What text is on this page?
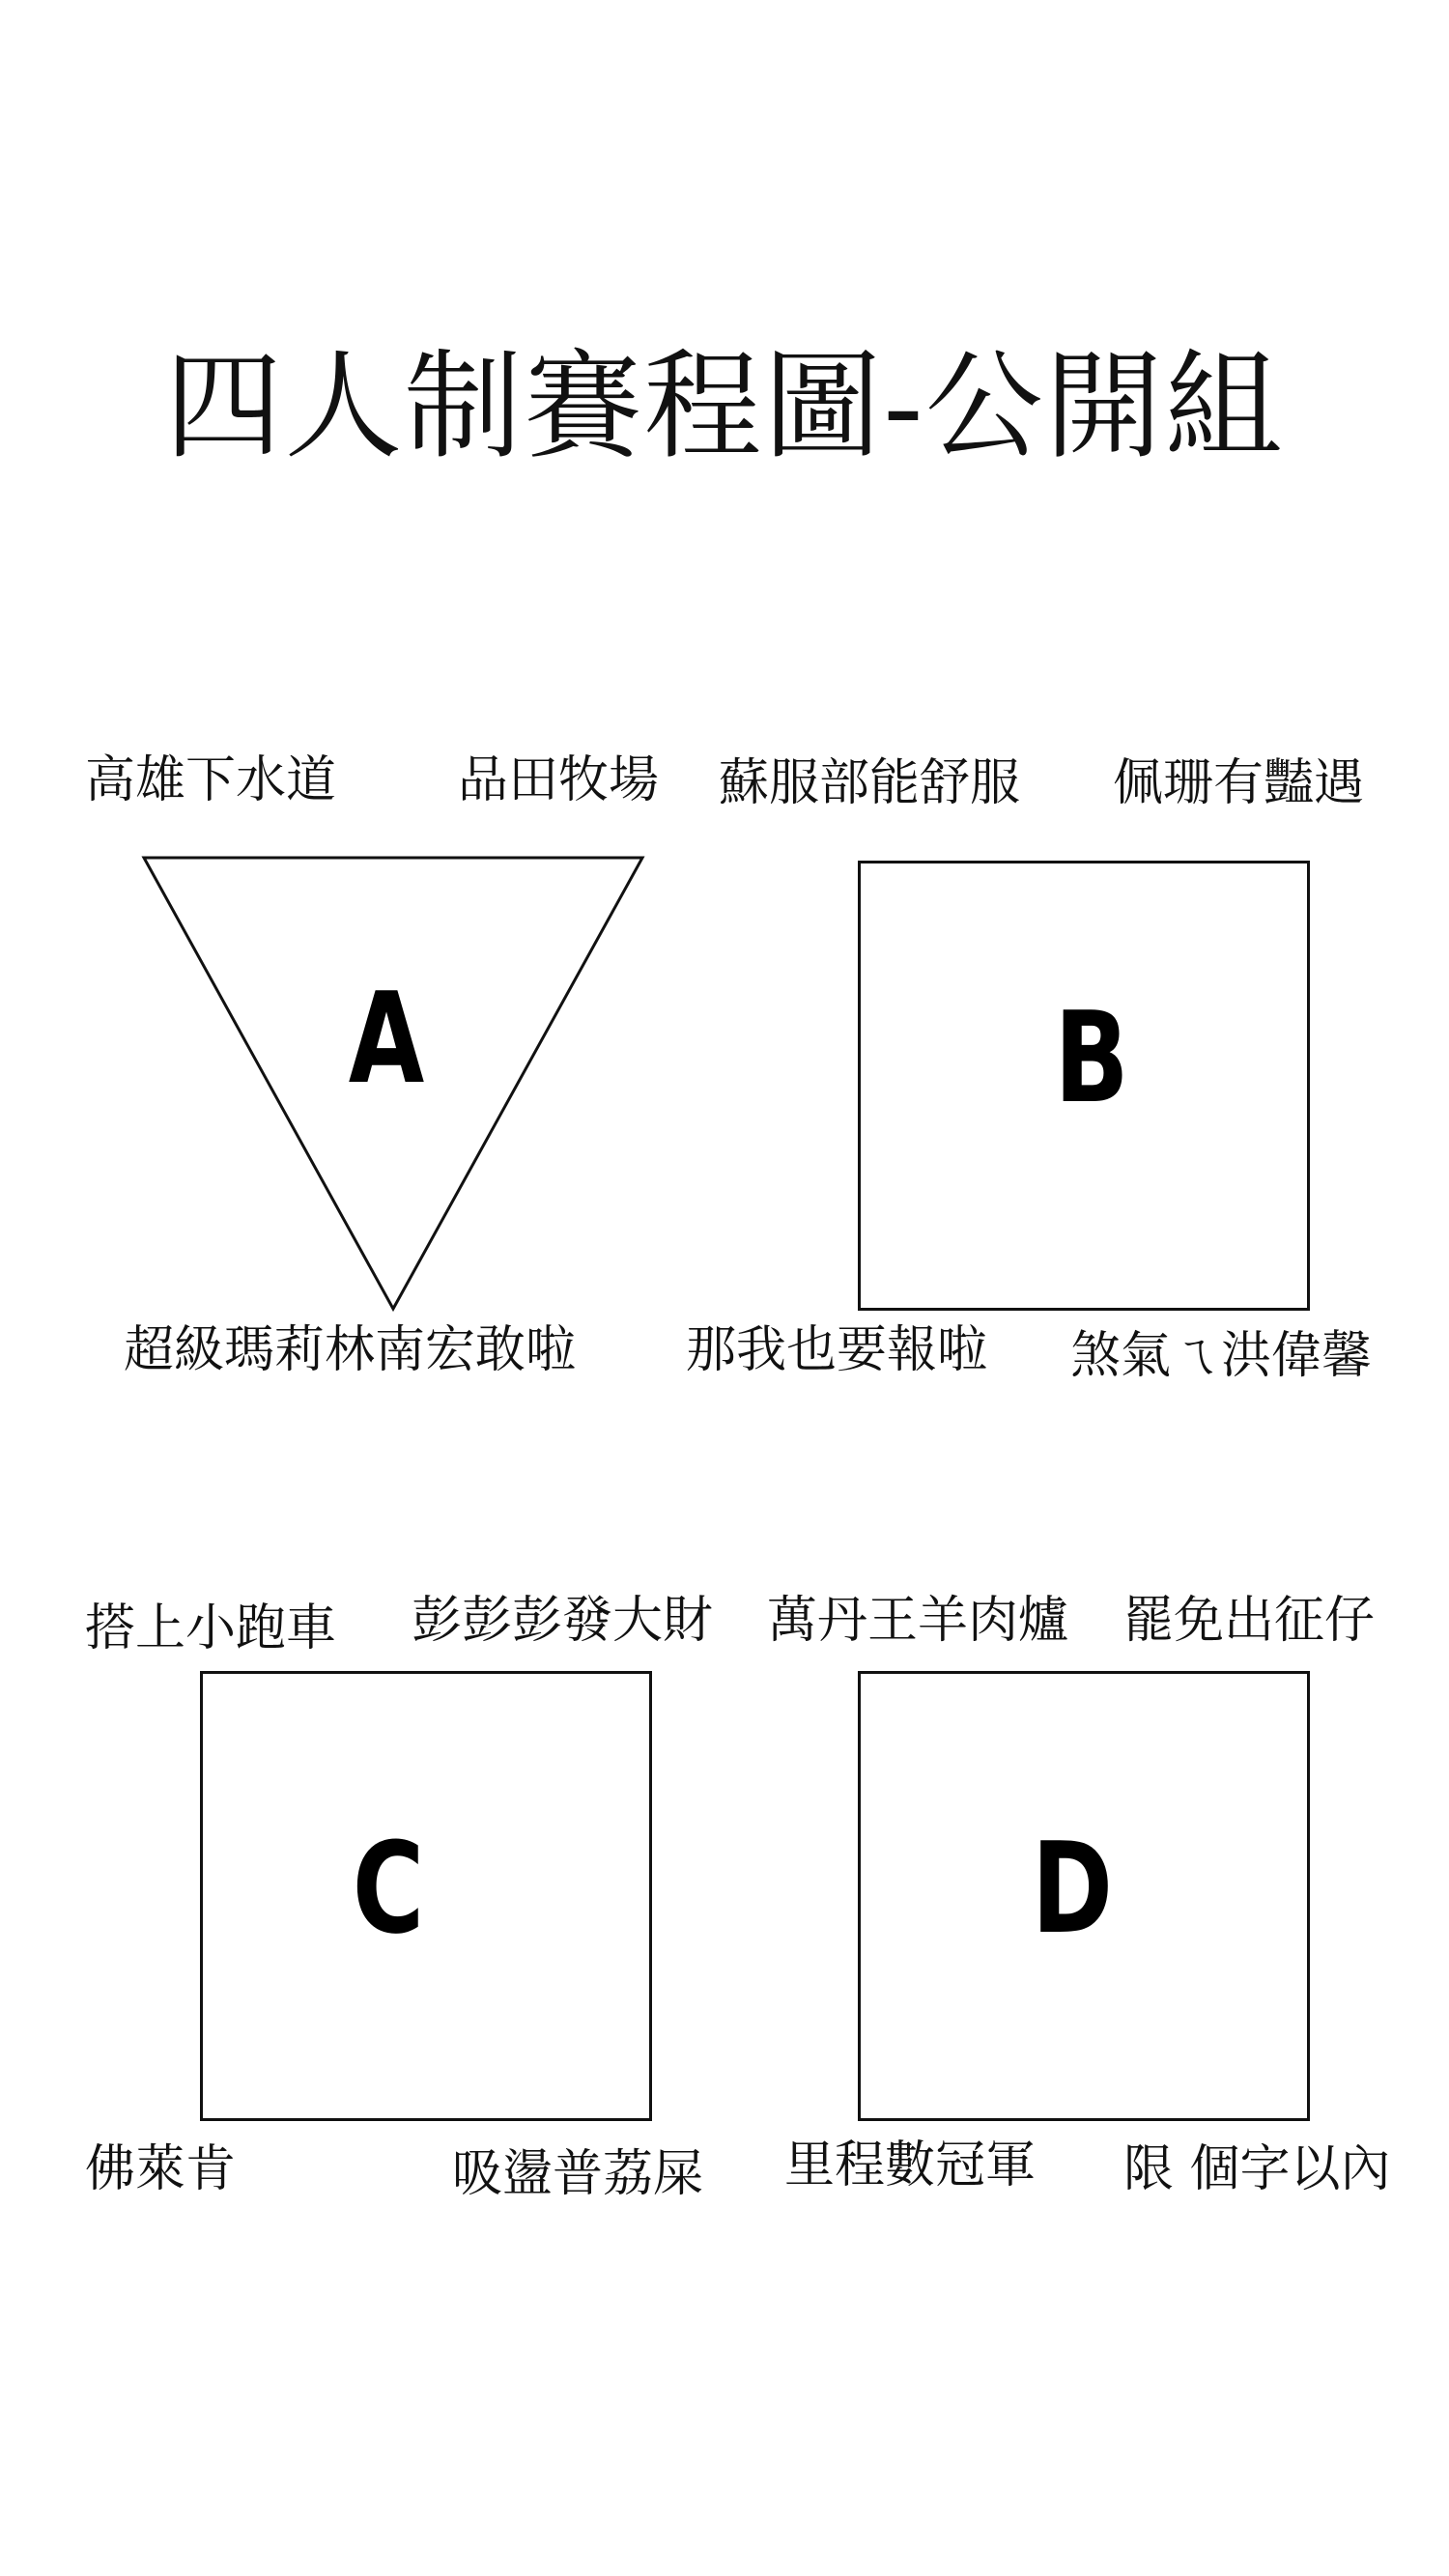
四人制賽程圖-公開組
高雄下水道 品田牧場
A
超級瑪莉林南宏敢啦
蘇服部能舒服 佩珊有豔遇
B
那我也要報啦 煞氣ㄟ洪偉馨
搭上小跑車 彭彭彭發大財
C
佛萊肯	吸盪普荔屎
萬丹王羊肉爐 罷免出征仔
D
里程數冠軍 限 個字以內
